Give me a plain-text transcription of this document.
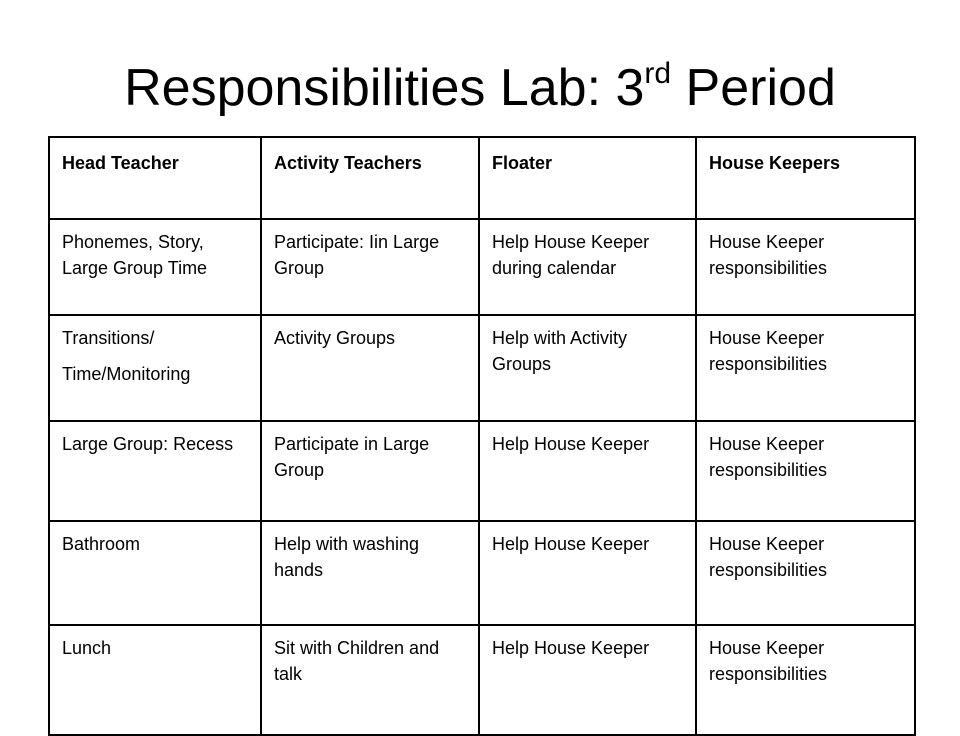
Responsibilities Lab: 3rd Period
Head Teacher	Activity Teachers	Floater	House Keepers
Phonemes, Story, Large Group Time	Participate: Iin Large Group	Help House Keeper during calendar	House Keeper responsibilities

Transitions/
Time/Monitoring	Activity Groups	Help with Activity Groups	House Keeper responsibilities
Large Group: Recess	Participate in Large Group	Help House Keeper	House Keeper responsibilities
Bathroom	Help with washing hands	Help House Keeper	House Keeper responsibilities
Lunch	Sit with Children and talk	Help House Keeper	House Keeper responsibilities
